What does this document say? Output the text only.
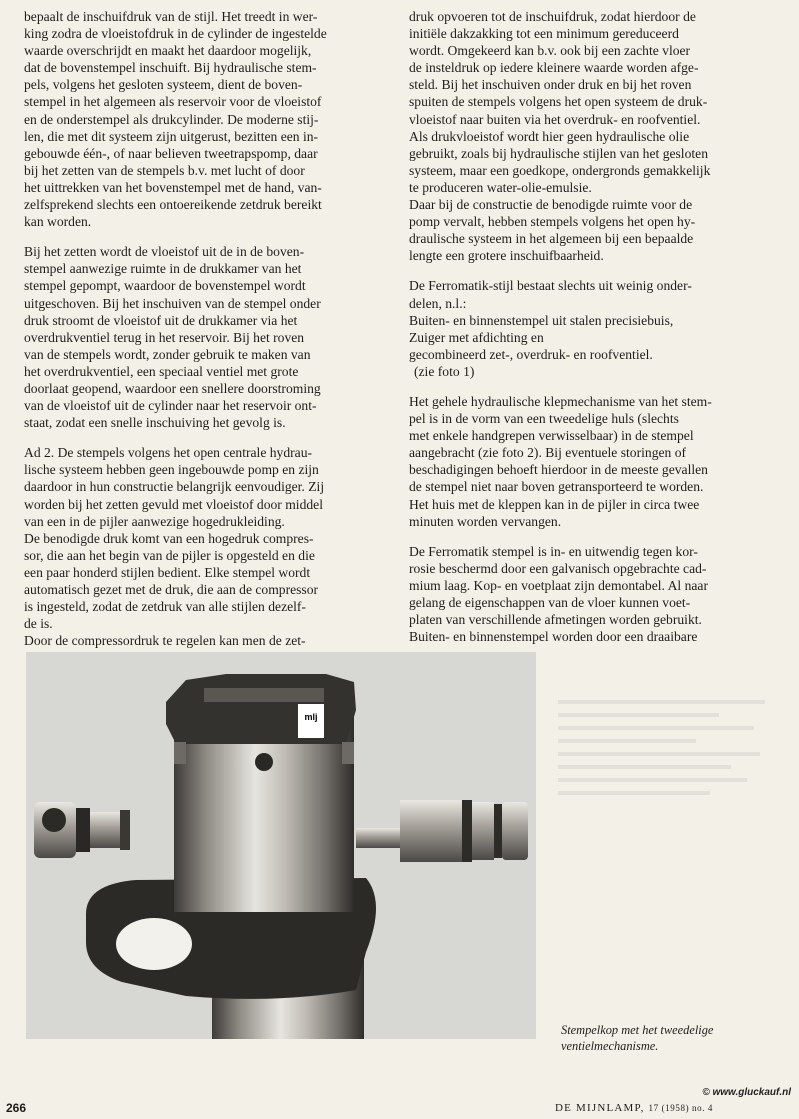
bepaalt de inschuifdruk van de stijl. Het treedt in wer-
king zodra de vloeistofdruk in de cylinder de ingestelde
waarde overschrijdt en maakt het daardoor mogelijk,
dat de bovenstempel inschuift. Bij hydraulische stem-
pels, volgens het gesloten systeem, dient de boven-
stempel in het algemeen als reservoir voor de vloeistof
en de onderstempel als drukcylinder. De moderne stij-
len, die met dit systeem zijn uitgerust, bezitten een in-
gebouwde één-, of naar believen tweetrapspomp, daar
bij het zetten van de stempels b.v. met lucht of door
het uittrekken van het bovenstempel met de hand, van-
zelfsprekend slechts een ontoereikende zetdruk bereikt
kan worden.

Bij het zetten wordt de vloeistof uit de in de boven-
stempel aanwezige ruimte in de drukkamer van het
stempel gepompt, waardoor de bovenstempel wordt
uitgeschoven. Bij het inschuiven van de stempel onder
druk stroomt de vloeistof uit de drukkamer via het
overdrukventiel terug in het reservoir. Bij het roven
van de stempels wordt, zonder gebruik te maken van
het overdrukventiel, een speciaal ventiel met grote
doorlaat geopend, waardoor een snellere doorstroming
van de vloeistof uit de cylinder naar het reservoir ont-
staat, zodat een snelle inschuiving het gevolg is.

Ad 2. De stempels volgens het open centrale hydrau-
lische systeem hebben geen ingebouwde pomp en zijn
daardoor in hun constructie belangrijk eenvoudiger. Zij
worden bij het zetten gevuld met vloeistof door middel
van een in de pijler aanwezige hogedrukleiding.
De benodigde druk komt van een hogedruk compres-
sor, die aan het begin van de pijler is opgesteld en die
een paar honderd stijlen bedient. Elke stempel wordt
automatisch gezet met de druk, die aan de compressor
is ingesteld, zodat de zetdruk van alle stijlen dezelf-
de is.

Door de compressordruk te regelen kan men de zet-

druk opvoeren tot de inschuifdruk, zodat hierdoor de
initiële dakzakking tot een minimum gereduceerd
wordt. Omgekeerd kan b.v. ook bij een zachte vloer
de insteldruk op iedere kleinere waarde worden afge-
steld. Bij het inschuiven onder druk en bij het roven
spuiten de stempels volgens het open systeem de druk-
vloeistof naar buiten via het overdruk- en roofventiel.
Als drukvloeistof wordt hier geen hydraulische olie
gebruikt, zoals bij hydraulische stijlen van het gesloten
systeem, maar een goedkope, ondergronds gemakkelijk
te produceren water-olie-emulsie.
Daar bij de constructie de benodigde ruimte voor de
pomp vervalt, hebben stempels volgens het open hy-
draulische systeem in het algemeen bij een bepaalde
lengte een grotere inschuifbaarheid.

De Ferromatik-stijl bestaat slechts uit weinig onder-
delen, n.l.:
Buiten- en binnenstempel uit stalen precisiebuis,
Zuiger met afdichting en
gecombineerd zet-, overdruk- en roofventiel.
(zie foto 1)

Het gehele hydraulische klepmechanisme van het stem-
pel is in de vorm van een tweedelige huls (slechts
met enkele handgrepen verwisselbaar) in de stempel
aangebracht (zie foto 2). Bij eventuele storingen of
beschadigingen behoeft hierdoor in de meeste gevallen
de stempel niet naar boven getransporteerd te worden.
Het huis met de kleppen kan in de pijler in circa twee
minuten worden vervangen.

De Ferromatik stempel is in- en uitwendig tegen kor-
rosie beschermd door een galvanisch opgebrachte cad-
mium laag. Kop- en voetplaat zijn demontabel. Al naar
gelang de eigenschappen van de vloer kunnen voet-
platen van verschillende afmetingen worden gebruikt.
Buiten- en binnenstempel worden door een draaibare

mlj
Stempelkop met het tweedelige
ventielmechanisme.
© www.gluckauf.nl
266	DE MIJNLAMP, 17 (1958) no. 4
